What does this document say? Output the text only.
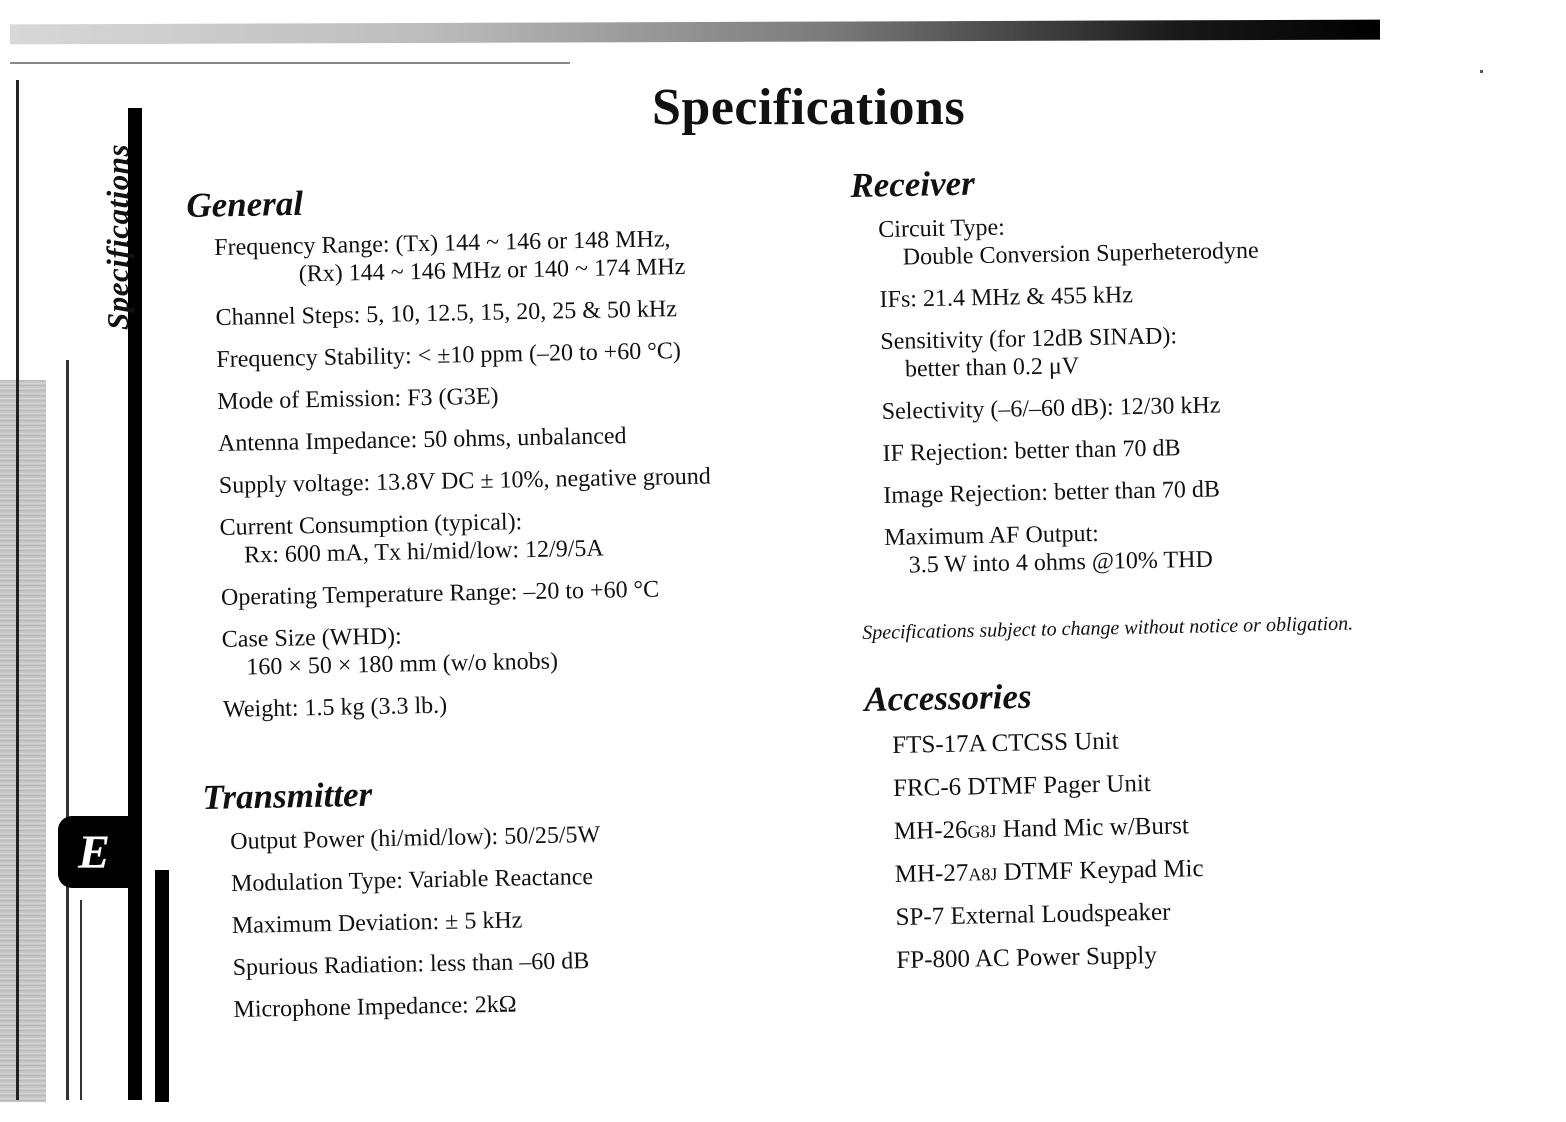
Specifications
E
Specifications
General
Frequency Range: (Tx) 144 ~ 146 or 148 MHz,
(Rx) 144 ~ 146 MHz or 140 ~ 174 MHz
Channel Steps: 5, 10, 12.5, 15, 20, 25 & 50 kHz
Frequency Stability: < ±10 ppm (–20 to +60 °C)
Mode of Emission: F3 (G3E)
Antenna Impedance: 50 ohms, unbalanced
Supply voltage: 13.8V DC ± 10%, negative ground
Current Consumption (typical):
Rx: 600 mA, Tx hi/mid/low: 12/9/5A
Operating Temperature Range: –20 to +60 °C
Case Size (WHD):
160 × 50 × 180 mm (w/o knobs)
Weight: 1.5 kg (3.3 lb.)
Transmitter
Output Power (hi/mid/low): 50/25/5W
Modulation Type: Variable Reactance
Maximum Deviation: ± 5 kHz
Spurious Radiation: less than –60 dB
Microphone Impedance: 2kΩ
Receiver
Circuit Type:
Double Conversion Superheterodyne
IFs: 21.4 MHz & 455 kHz
Sensitivity (for 12dB SINAD):
better than 0.2 μV
Selectivity (–6/–60 dB): 12/30 kHz
IF Rejection: better than 70 dB
Image Rejection: better than 70 dB
Maximum AF Output:
3.5 W into 4 ohms @10% THD
Specifications subject to change without notice or obligation.
Accessories
FTS-17A CTCSS Unit
FRC-6 DTMF Pager Unit
MH-26G8J Hand Mic w/Burst
MH-27A8J DTMF Keypad Mic
SP-7 External Loudspeaker
FP-800 AC Power Supply
